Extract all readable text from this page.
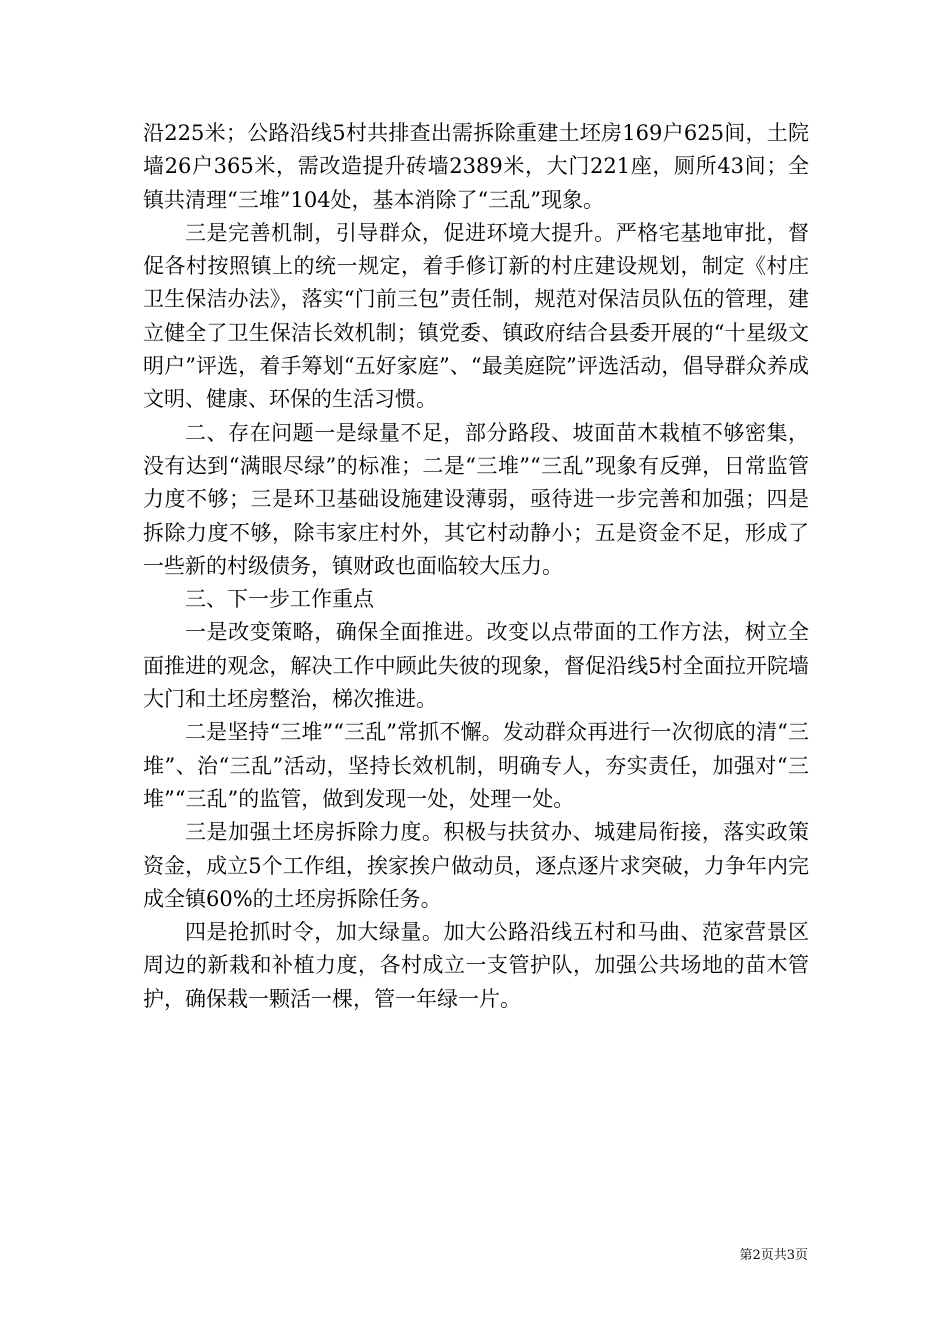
沿225米；公路沿线5村共排查出需拆除重建土坯房169户625间，土院墙26户365米，需改造提升砖墙2389米，大门221座，厕所43间；全镇共清理“三堆”104处，基本消除了“三乱”现象。

三是完善机制，引导群众，促进环境大提升。严格宅基地审批，督促各村按照镇上的统一规定，着手修订新的村庄建设规划，制定《村庄卫生保洁办法》，落实“门前三包”责任制，规范对保洁员队伍的管理，建立健全了卫生保洁长效机制；镇党委、镇政府结合县委开展的“十星级文明户”评选，着手筹划“五好家庭”、“最美庭院”评选活动，倡导群众养成文明、健康、环保的生活习惯。

二、存在问题一是绿量不足，部分路段、坡面苗木栽植不够密集，没有达到“满眼尽绿”的标准；二是“三堆”“三乱”现象有反弹，日常监管力度不够；三是环卫基础设施建设薄弱，亟待进一步完善和加强；四是拆除力度不够，除韦家庄村外，其它村动静小；五是资金不足，形成了一些新的村级债务，镇财政也面临较大压力。

三、下一步工作重点

一是改变策略，确保全面推进。改变以点带面的工作方法，树立全面推进的观念，解决工作中顾此失彼的现象，督促沿线5村全面拉开院墙大门和土坯房整治，梯次推进。

二是坚持“三堆”“三乱”常抓不懈。发动群众再进行一次彻底的清“三堆”、治“三乱”活动，坚持长效机制，明确专人，夯实责任，加强对“三堆”“三乱”的监管，做到发现一处，处理一处。

三是加强土坯房拆除力度。积极与扶贫办、城建局衔接，落实政策资金，成立5个工作组，挨家挨户做动员，逐点逐片求突破，力争年内完成全镇60%的土坯房拆除任务。

四是抢抓时令，加大绿量。加大公路沿线五村和马曲、范家营景区周边的新栽和补植力度，各村成立一支管护队，加强公共场地的苗木管护，确保栽一颗活一棵，管一年绿一片。

第2页共3页
